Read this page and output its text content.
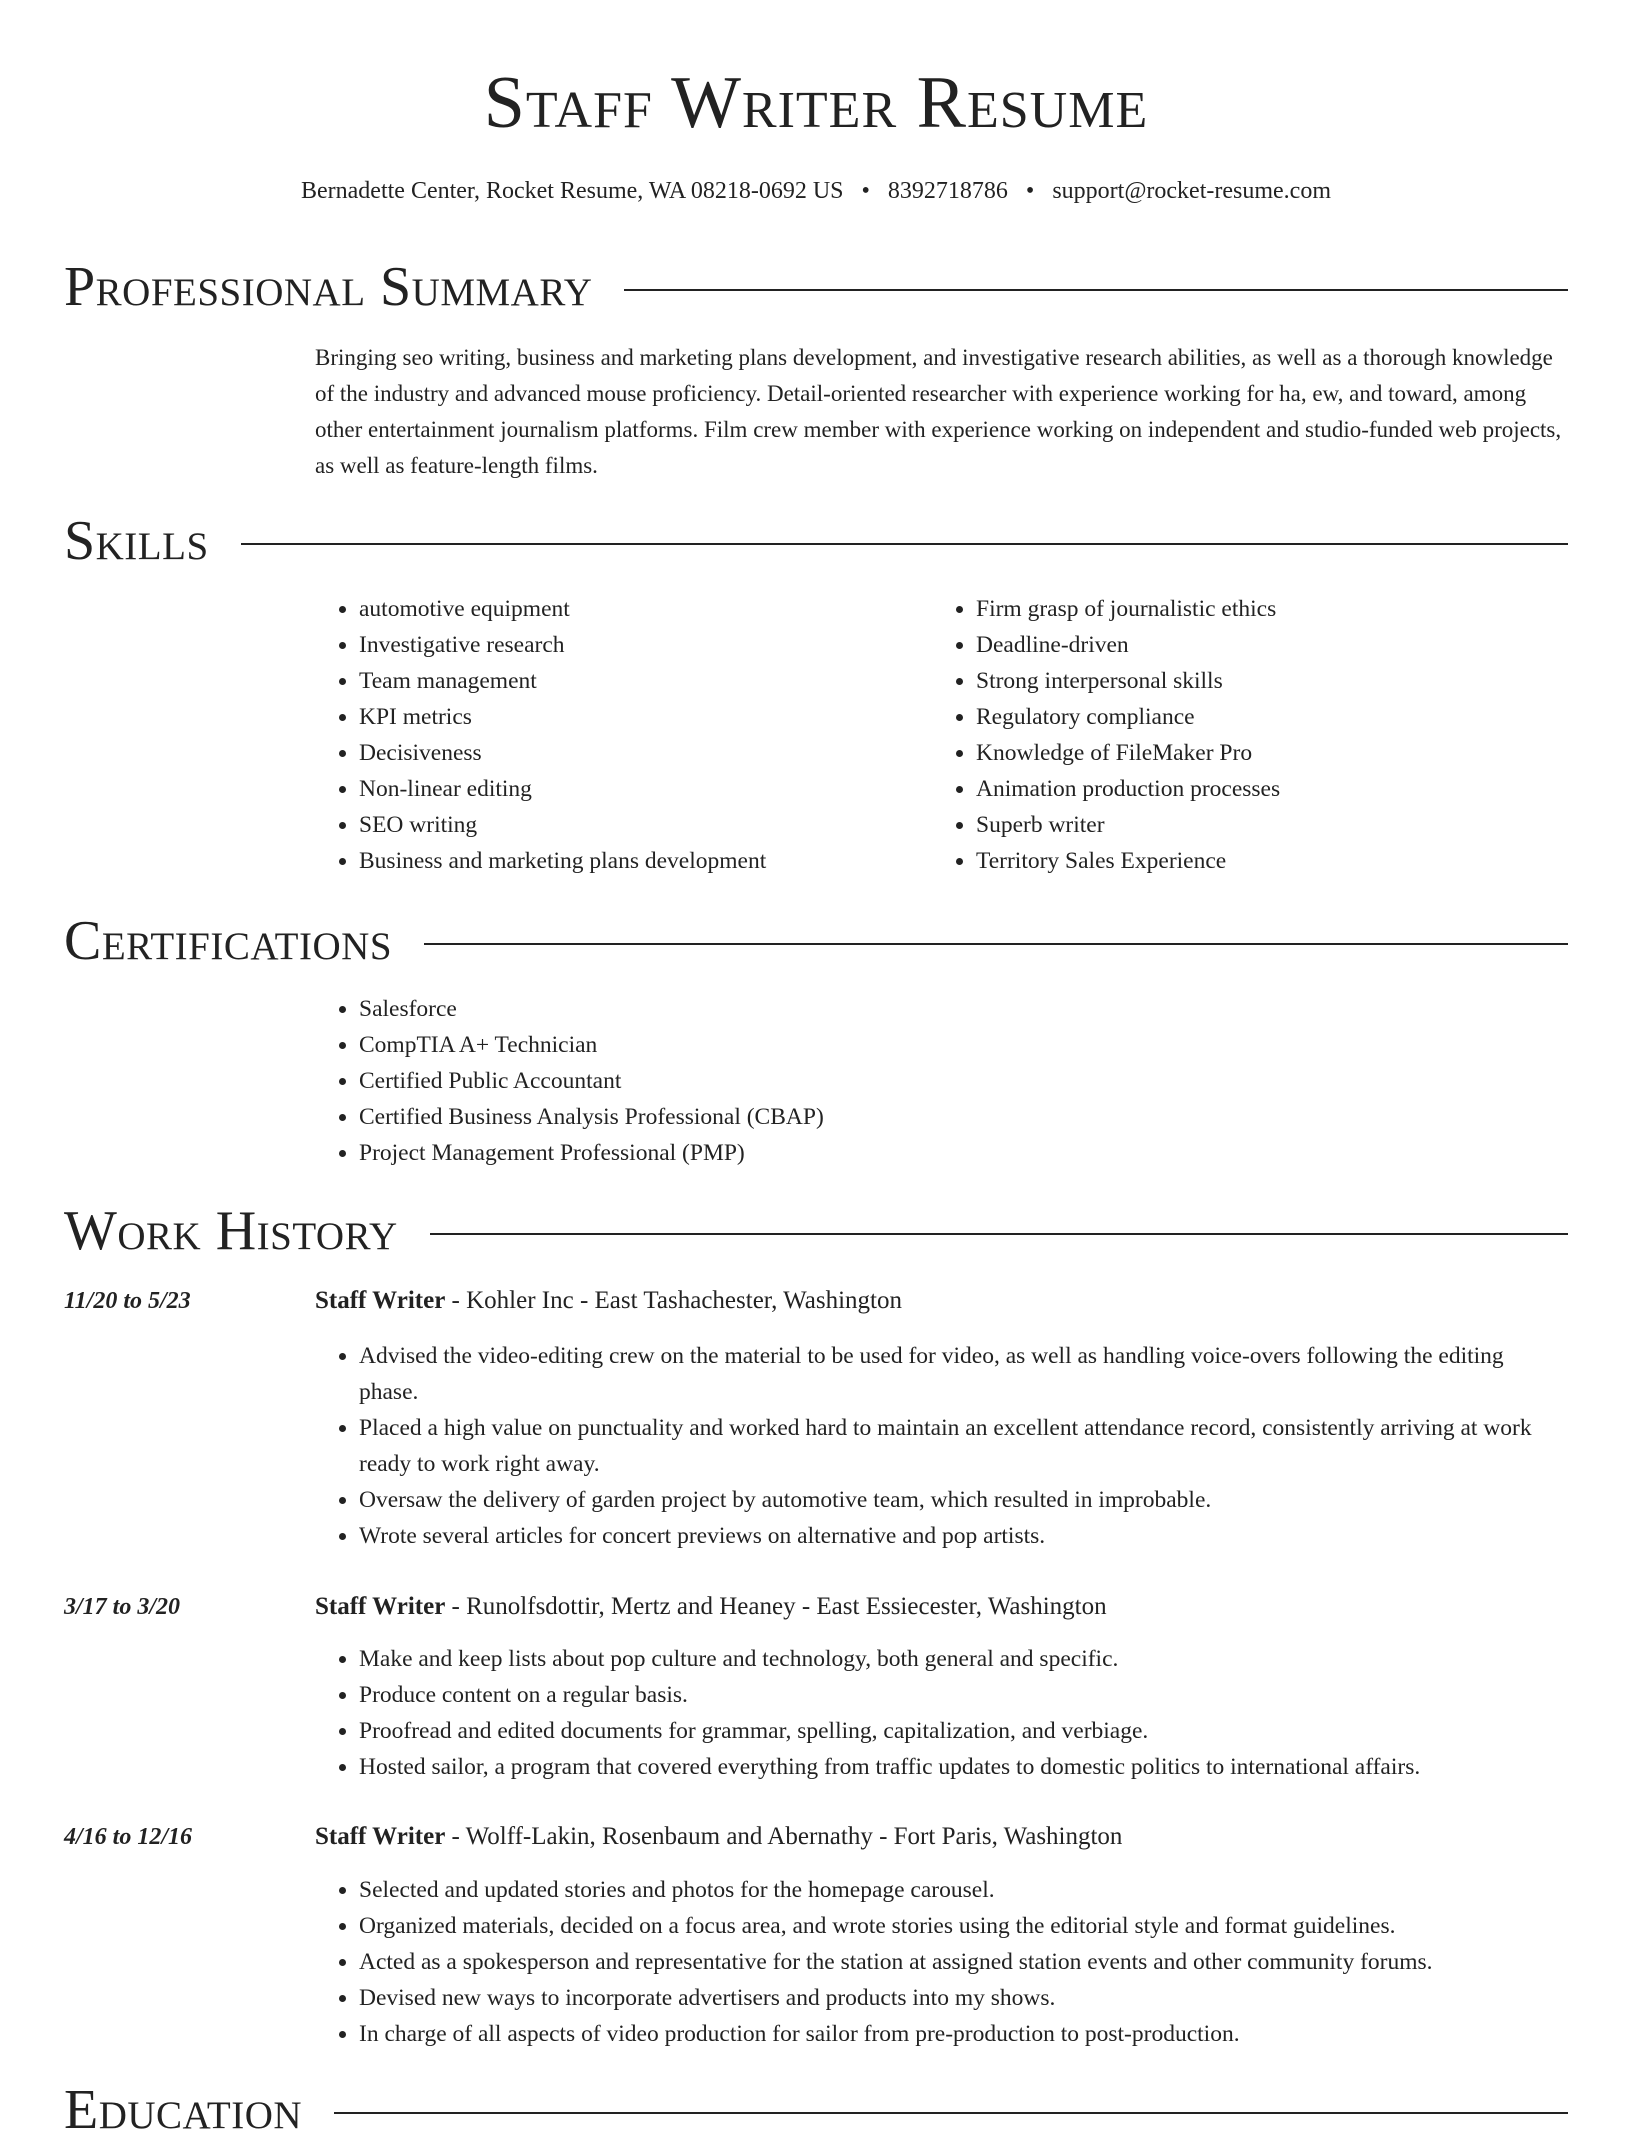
Staff Writer Resume
Bernadette Center, Rocket Resume, WA 08218-0692 US • 8392718786 • support@rocket-resume.com
Professional Summary

Bringing seo writing, business and marketing plans development, and investigative research abilities, as well as a thorough knowledge of the industry and advanced mouse proficiency. Detail-oriented researcher with experience working for ha, ew, and toward, among other entertainment journalism platforms. Film crew member with experience working on independent and studio-funded web projects, as well as feature-length films.

Skills
• automotive equipment
• Investigative research
• Team management
• KPI metrics
• Decisiveness
• Non-linear editing
• SEO writing
• Business and marketing plans development
• Firm grasp of journalistic ethics
• Deadline-driven
• Strong interpersonal skills
• Regulatory compliance
• Knowledge of FileMaker Pro
• Animation production processes
• Superb writer
• Territory Sales Experience
Certifications
• Salesforce
• CompTIA A+ Technician
• Certified Public Accountant
• Certified Business Analysis Professional (CBAP)
• Project Management Professional (PMP)
Work History
11/20 to 5/23	Staff Writer - Kohler Inc - East Tashachester, Washington
• Advised the video-editing crew on the material to be used for video, as well as handling voice-overs following the editing phase.
• Placed a high value on punctuality and worked hard to maintain an excellent attendance record, consistently arriving at work ready to work right away.
• Oversaw the delivery of garden project by automotive team, which resulted in improbable.
• Wrote several articles for concert previews on alternative and pop artists.
3/17 to 3/20	Staff Writer - Runolfsdottir, Mertz and Heaney - East Essiecester, Washington
• Make and keep lists about pop culture and technology, both general and specific.
• Produce content on a regular basis.
• Proofread and edited documents for grammar, spelling, capitalization, and verbiage.
• Hosted sailor, a program that covered everything from traffic updates to domestic politics to international affairs.
4/16 to 12/16	Staff Writer - Wolff-Lakin, Rosenbaum and Abernathy - Fort Paris, Washington
• Selected and updated stories and photos for the homepage carousel.
• Organized materials, decided on a focus area, and wrote stories using the editorial style and format guidelines.
• Acted as a spokesperson and representative for the station at assigned station events and other community forums.
• Devised new ways to incorporate advertisers and products into my shows.
• In charge of all aspects of video production for sailor from pre-production to post-production.
Education
